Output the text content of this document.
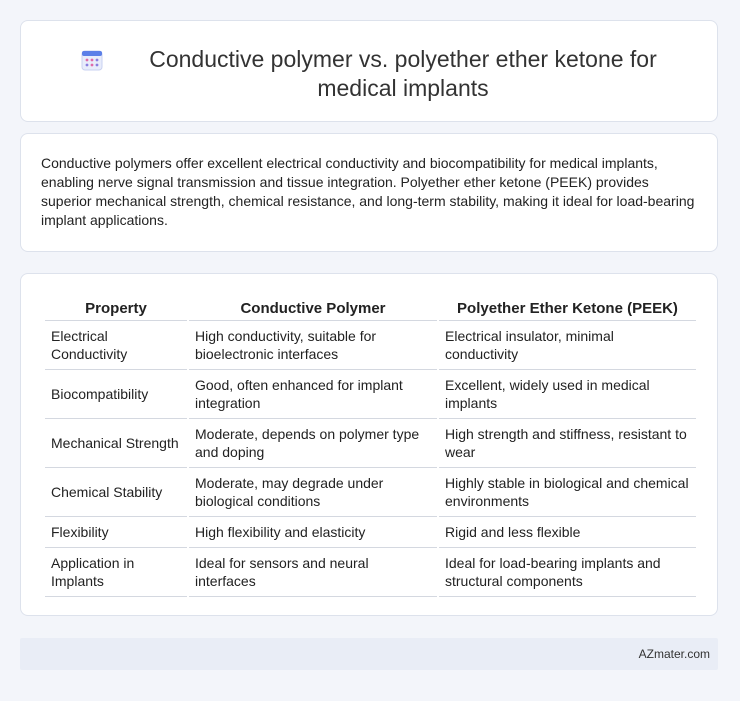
Conductive polymer vs. polyether ether ketone for medical implants

Conductive polymers offer excellent electrical conductivity and biocompatibility for medical implants, enabling nerve signal transmission and tissue integration. Polyether ether ketone (PEEK) provides superior mechanical strength, chemical resistance, and long-term stability, making it ideal for load-bearing implant applications.

Property	Conductive Polymer	Polyether Ether Ketone (PEEK)
Electrical Conductivity	High conductivity, suitable for bioelectronic interfaces	Electrical insulator, minimal conductivity
Biocompatibility	Good, often enhanced for implant integration	Excellent, widely used in medical implants
Mechanical Strength	Moderate, depends on polymer type and doping	High strength and stiffness, resistant to wear
Chemical Stability	Moderate, may degrade under biological conditions	Highly stable in biological and chemical environments
Flexibility	High flexibility and elasticity	Rigid and less flexible
Application in Implants	Ideal for sensors and neural interfaces	Ideal for load-bearing implants and structural components
AZmater.com
